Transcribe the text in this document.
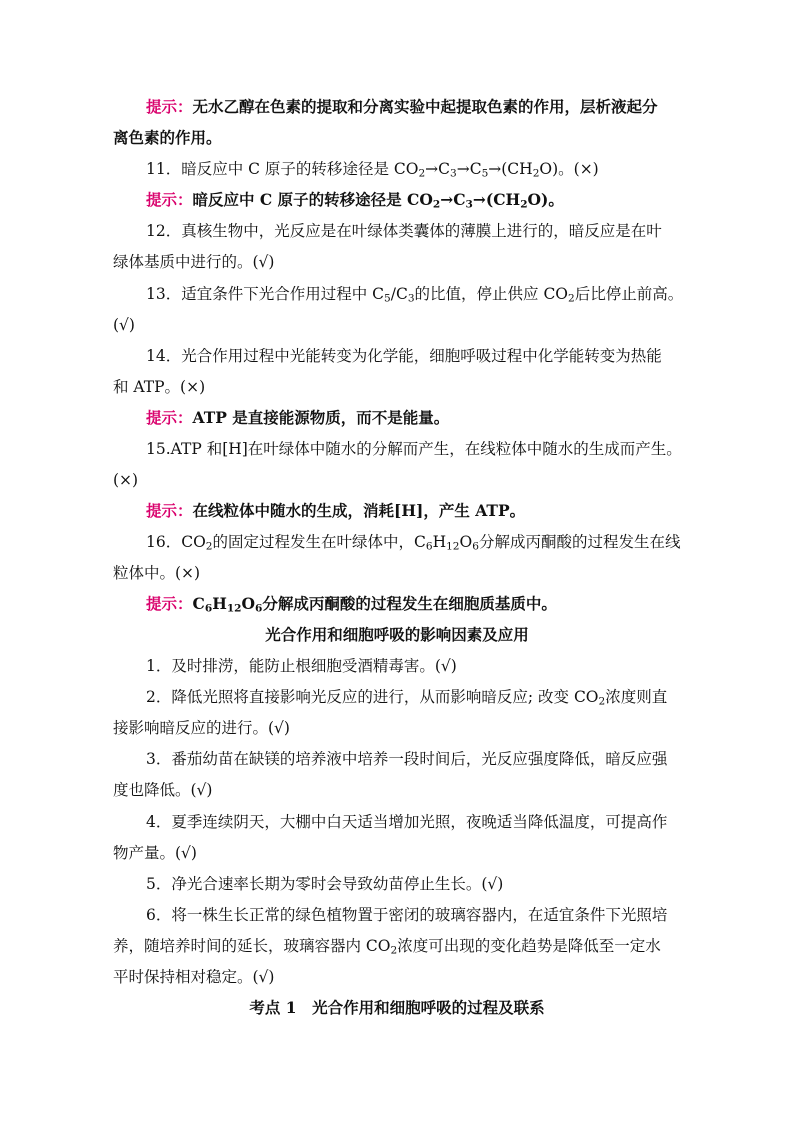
提示：无水乙醇在色素的提取和分离实验中起提取色素的作用，层析液起分
离色素的作用。
11．暗反应中 C 原子的转移途径是 $CO_2\to C_3\to C_5\to(CH_2O)$。(×)
提示：暗反应中 C 原子的转移途径是 $CO_2\to C_3\to(CH_2O)$。
12．真核生物中，光反应是在叶绿体类囊体的薄膜上进行的，暗反应是在叶
绿体基质中进行的。(√)
13．适宜条件下光合作用过程中 $C_5/C_3$的比值，停止供应 $CO_2$后比停止前高。
(√)
14．光合作用过程中光能转变为化学能，细胞呼吸过程中化学能转变为热能
和 ATP。(×)
提示：ATP 是直接能源物质，而不是能量。
15.ATP 和[H]在叶绿体中随水的分解而产生，在线粒体中随水的生成而产生。
(×)
提示：在线粒体中随水的生成，消耗[H]，产生 ATP。
16．$CO_2$的固定过程发生在叶绿体中，$C_6H_{12}O_6$分解成丙酮酸的过程发生在线
粒体中。(×)
提示：$C_6H_{12}O_6$分解成丙酮酸的过程发生在细胞质基质中。
光合作用和细胞呼吸的影响因素及应用
1．及时排涝，能防止根细胞受酒精毒害。(√)
2．降低光照将直接影响光反应的进行，从而影响暗反应; 改变 $CO_2$浓度则直
接影响暗反应的进行。(√)
3．番茄幼苗在缺镁的培养液中培养一段时间后，光反应强度降低，暗反应强
度也降低。(√)
4．夏季连续阴天，大棚中白天适当增加光照，夜晚适当降低温度，可提高作
物产量。(√)
5．净光合速率长期为零时会导致幼苗停止生长。(√)
6．将一株生长正常的绿色植物置于密闭的玻璃容器内，在适宜条件下光照培
养，随培养时间的延长，玻璃容器内 $CO_2$浓度可出现的变化趋势是降低至一定水
平时保持相对稳定。(√)
考点 1　光合作用和细胞呼吸的过程及联系
